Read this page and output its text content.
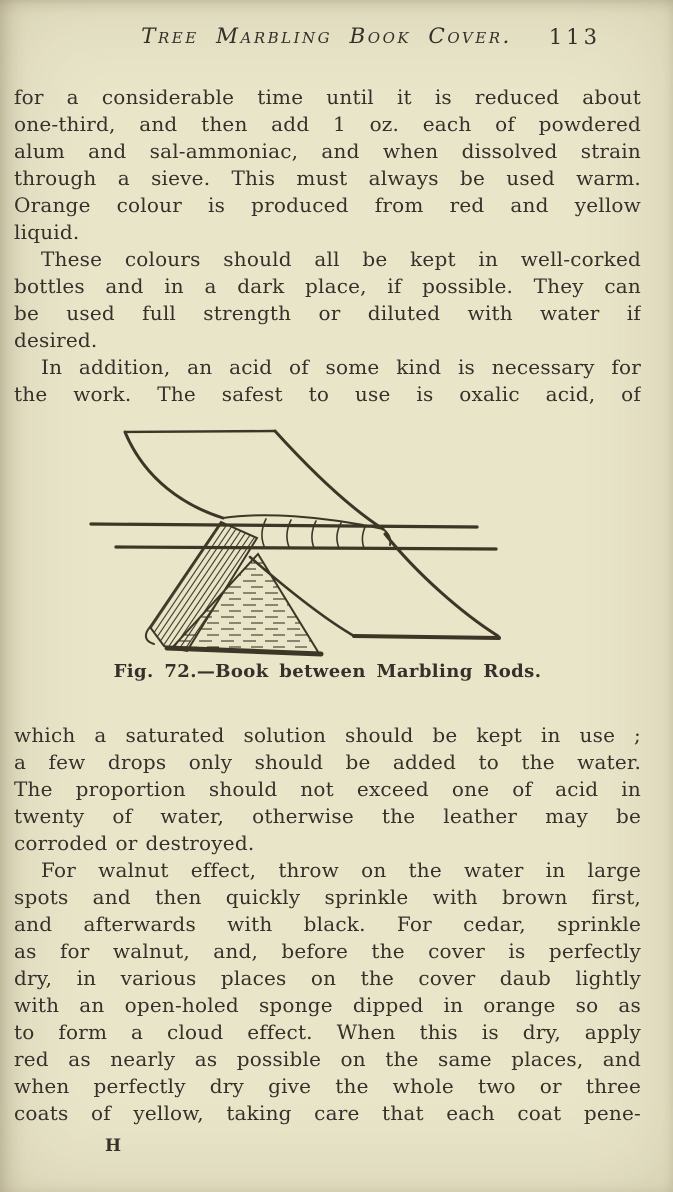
Tree Marbling Book Cover. 113
for a considerable time until it is reduced about
one-third, and then add 1 oz. each of powdered
alum and sal-ammoniac, and when dissolved strain
through a sieve. This must always be used warm.
Orange colour is produced from red and yellow
liquid.
These colours should all be kept in well-corked
bottles and in a dark place, if possible. They can
be used full strength or diluted with water if
desired.
In addition, an acid of some kind is necessary for
the work. The safest to use is oxalic acid, of
Fig. 72.—Book between Marbling Rods.
which a saturated solution should be kept in use ;
a few drops only should be added to the water.
The proportion should not exceed one of acid in
twenty of water, otherwise the leather may be
corroded or destroyed.
For walnut effect, throw on the water in large
spots and then quickly sprinkle with brown first,
and afterwards with black. For cedar, sprinkle
as for walnut, and, before the cover is perfectly
dry, in various places on the cover daub lightly
with an open-holed sponge dipped in orange so as
to form a cloud effect. When this is dry, apply
red as nearly as possible on the same places, and
when perfectly dry give the whole two or three
coats of yellow, taking care that each coat pene-
H
